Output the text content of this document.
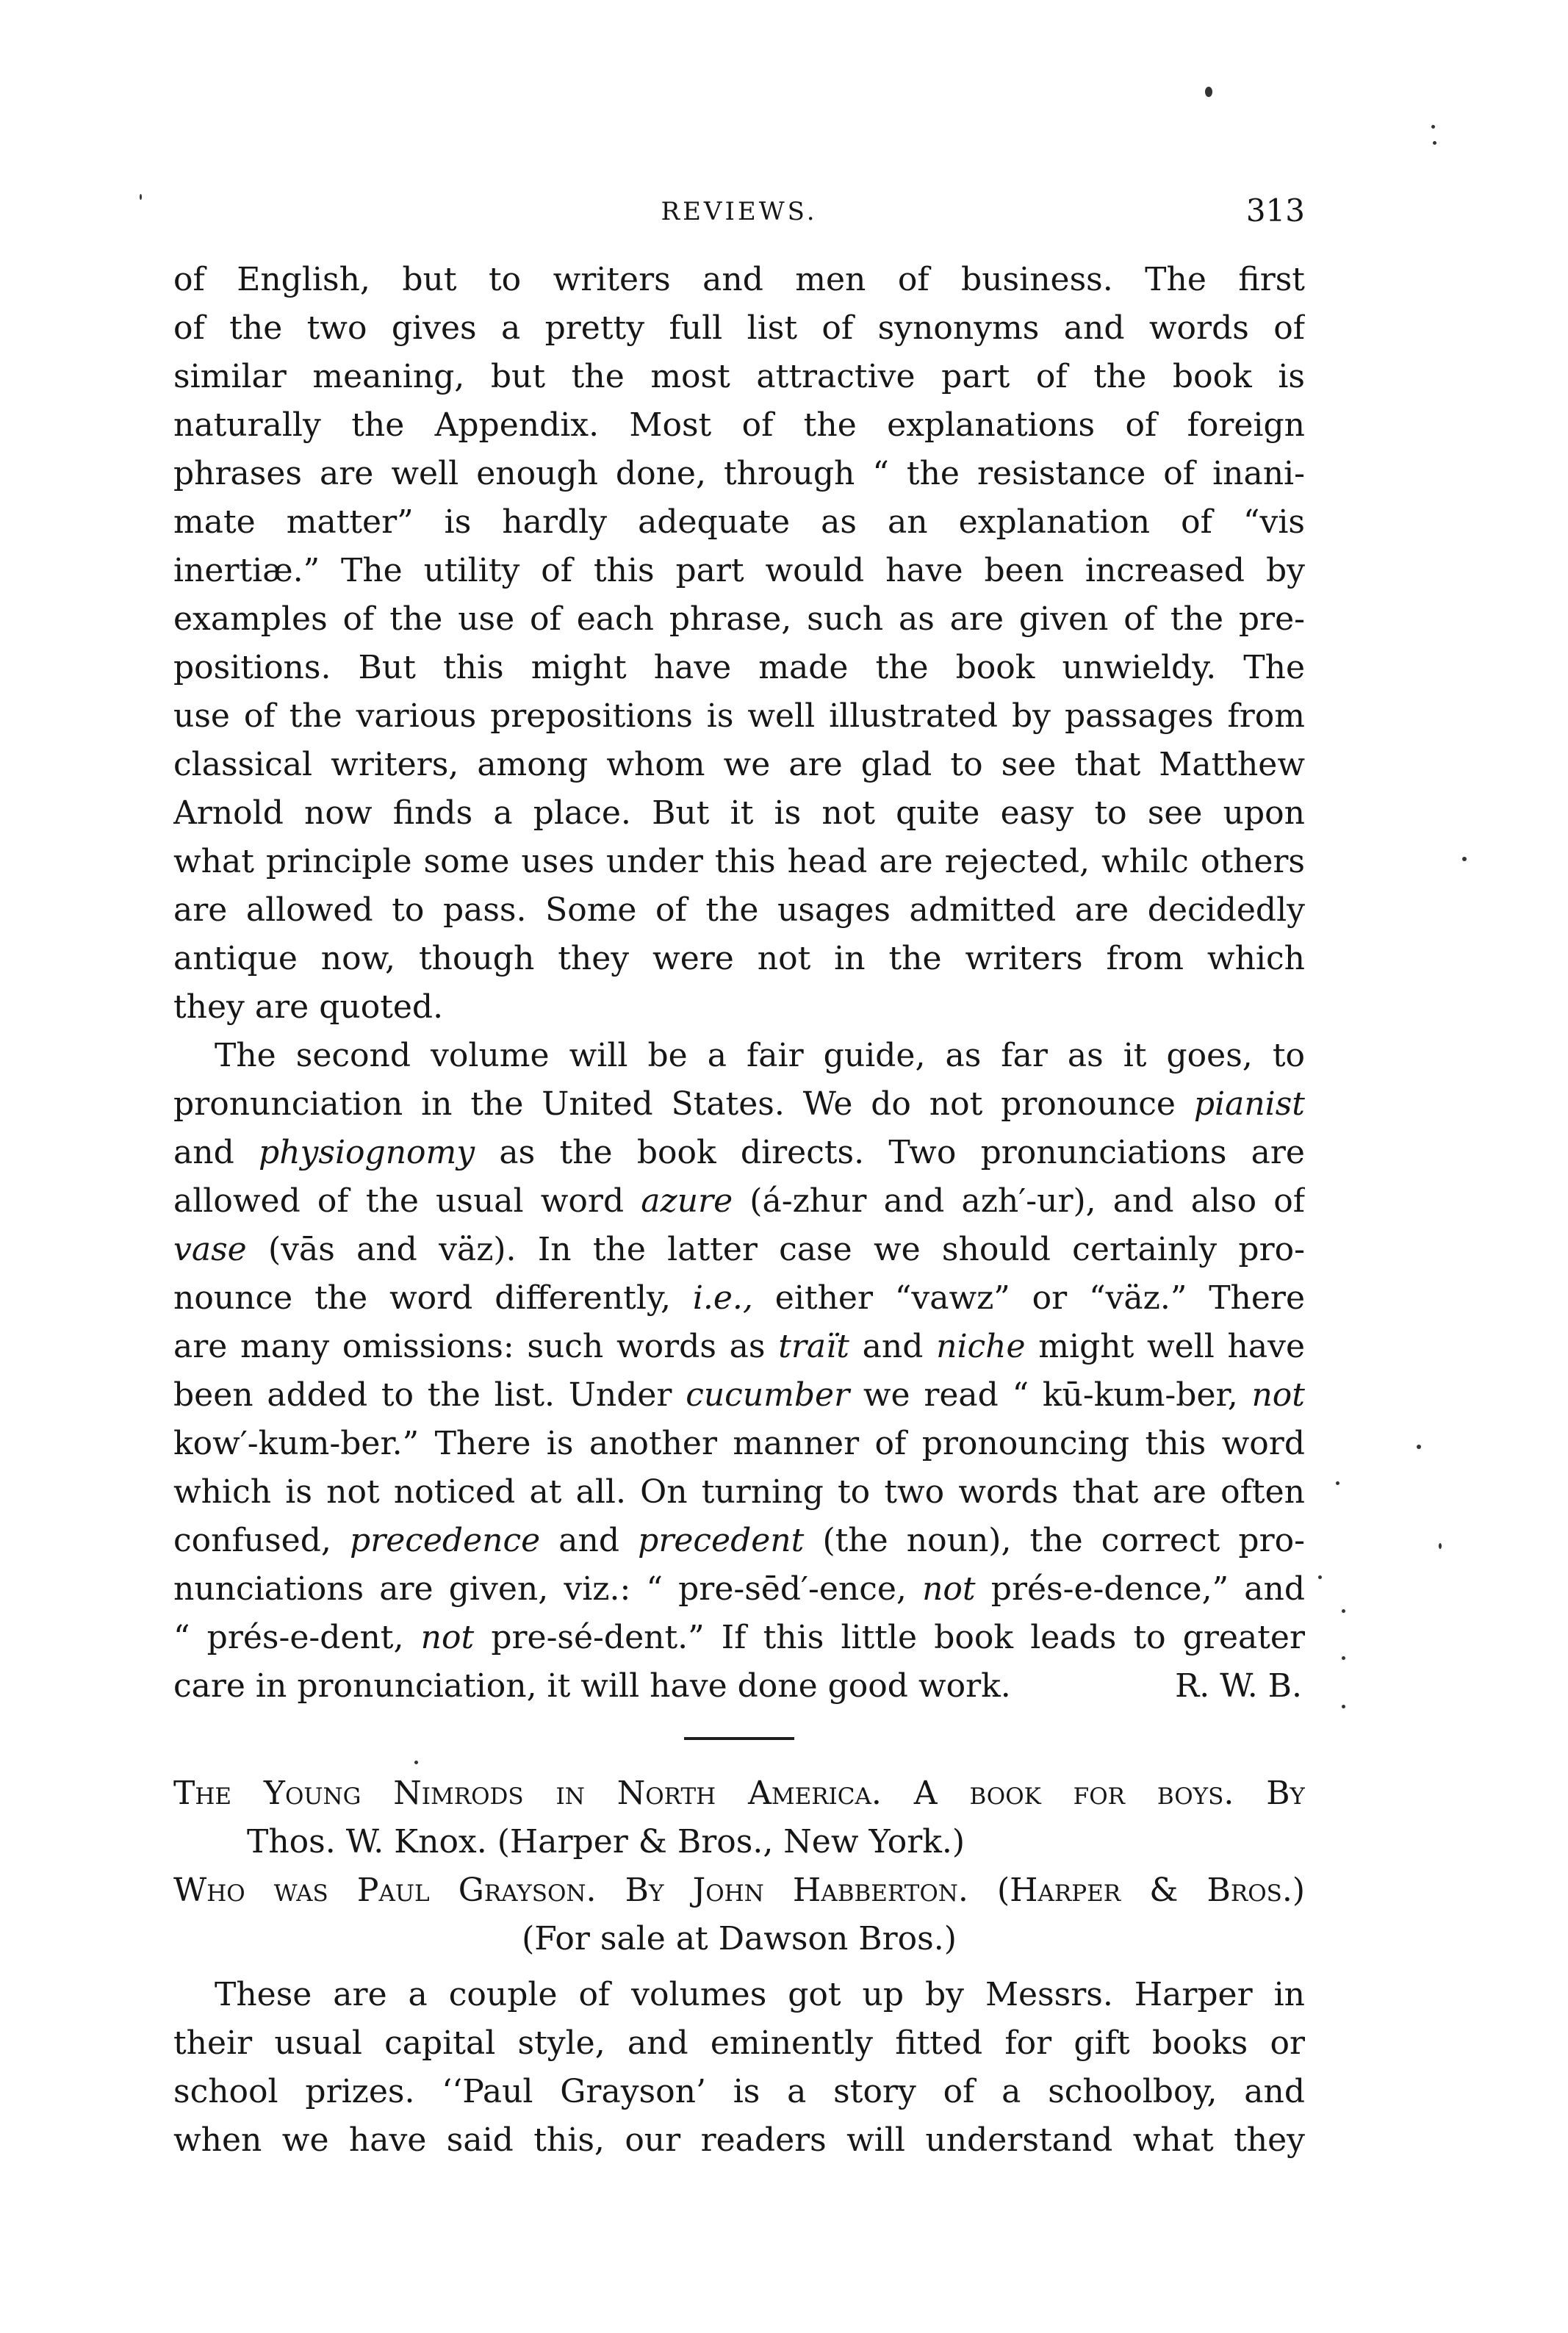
REVIEWS.	313
of English, but to writers and men of business. The first
of the two gives a pretty full list of synonyms and words of
similar meaning, but the most attractive part of the book is
naturally the Appendix. Most of the explanations of foreign
phrases are well enough done, through “ the resistance of inani-
mate matter” is hardly adequate as an explanation of “vis
inertiæ.” The utility of this part would have been increased by
examples of the use of each phrase, such as are given of the pre-
positions. But this might have made the book unwieldy. The
use of the various prepositions is well illustrated by passages from
classical writers, among whom we are glad to see that Matthew
Arnold now finds a place. But it is not quite easy to see upon
what principle some uses under this head are rejected, whilc others
are allowed to pass. Some of the usages admitted are decidedly
antique now, though they were not in the writers from which
they are quoted.
The second volume will be a fair guide, as far as it goes, to
pronunciation in the United States. We do not pronounce pianist
and physiognomy as the book directs. Two pronunciations are
allowed of the usual word azure (á-zhur and azh′-ur), and also of
vase (vās and väz). In the latter case we should certainly pro-
nounce the word differently, i.e., either “vawz” or “väz.” There
are many omissions: such words as traït and niche might well have
been added to the list. Under cucumber we read “ kū-kum-ber, not
kow′-kum-ber.” There is another manner of pronouncing this word
which is not noticed at all. On turning to two words that are often
confused, precedence and precedent (the noun), the correct pro-
nunciations are given, viz.: “ pre-sēd′-ence, not prés-e-dence,” and
“ prés-e-dent, not pre-sé-dent.” If this little book leads to greater
care in pronunciation, it will have done good work.	R. W. B.
The Young Nimrods in North America. A book for boys. By
Thos. W. Knox. (Harper & Bros., New York.)
Who was Paul Grayson. By John Habberton. (Harper & Bros.)
(For sale at Dawson Bros.)
These are a couple of volumes got up by Messrs. Harper in
their usual capital style, and eminently fitted for gift books or
school prizes. ‘‘Paul Grayson’ is a story of a schoolboy, and
when we have said this, our readers will understand what they
